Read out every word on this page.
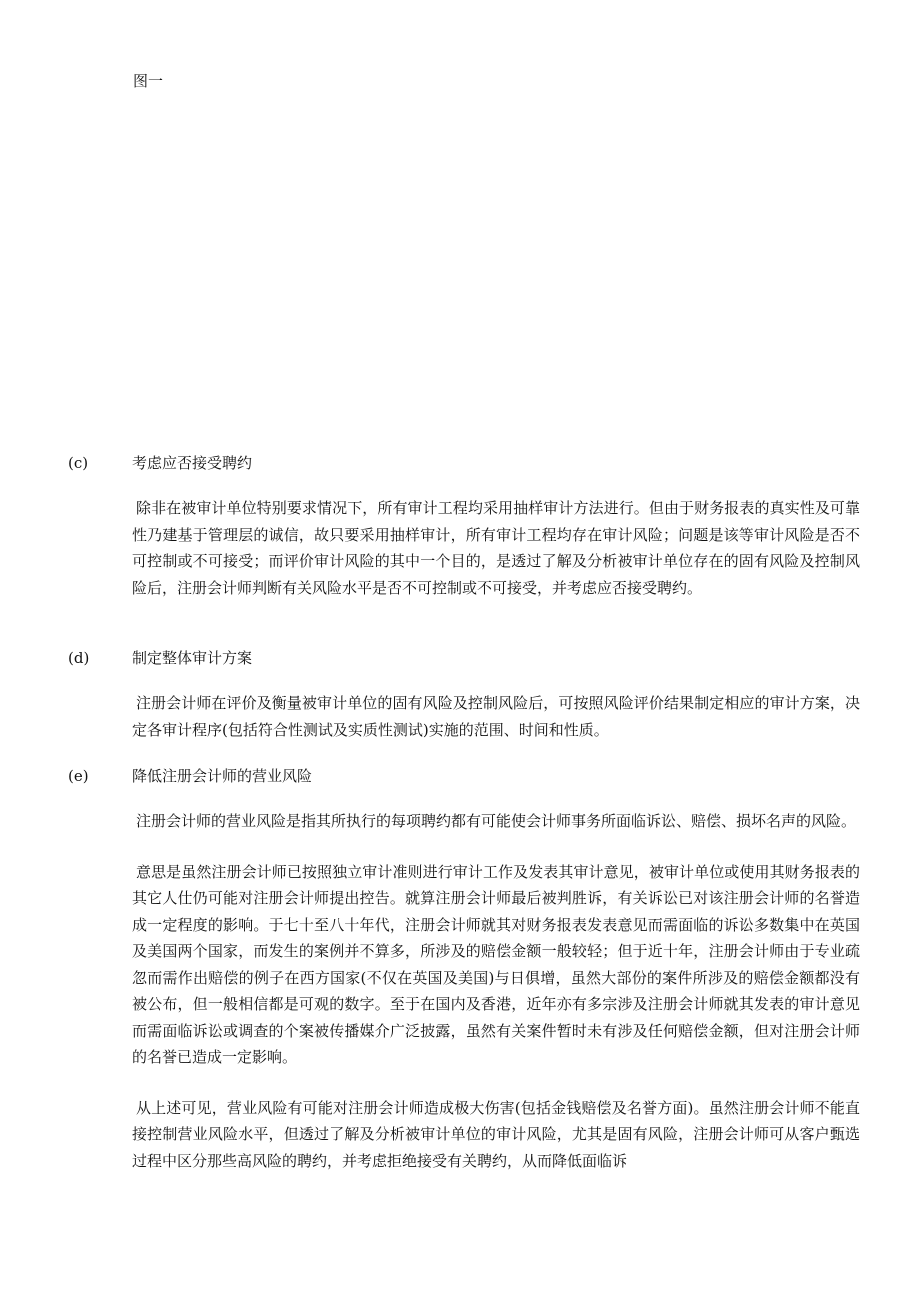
图一
(c)	考虑应否接受聘约

除非在被审计单位特别要求情况下，所有审计工程均采用抽样审计方法进行。但由于财务报表的真实性及可靠性乃建基于管理层的诚信，故只要采用抽样审计，所有审计工程均存在审计风险；问题是该等审计风险是否不可控制或不可接受；而评价审计风险的其中一个目的，是透过了解及分析被审计单位存在的固有风险及控制风险后，注册会计师判断有关风险水平是否不可控制或不可接受，并考虑应否接受聘约。

(d)	制定整体审计方案

注册会计师在评价及衡量被审计单位的固有风险及控制风险后，可按照风险评价结果制定相应的审计方案，决定各审计程序(包括符合性测试及实质性测试)实施的范围、时间和性质。

(e)	降低注册会计师的营业风险

注册会计师的营业风险是指其所执行的每项聘约都有可能使会计师事务所面临诉讼、赔偿、损坏名声的风险。

意思是虽然注册会计师已按照独立审计准则进行审计工作及发表其审计意见，被审计单位或使用其财务报表的其它人仕仍可能对注册会计师提出控告。就算注册会计师最后被判胜诉，有关诉讼已对该注册会计师的名誉造成一定程度的影响。于七十至八十年代，注册会计师就其对财务报表发表意见而需面临的诉讼多数集中在英国及美国两个国家，而发生的案例并不算多，所涉及的赔偿金额一般较轻；但于近十年，注册会计师由于专业疏忽而需作出赔偿的例子在西方国家(不仅在英国及美国)与日俱增，虽然大部份的案件所涉及的赔偿金额都没有被公布，但一般相信都是可观的数字。至于在国内及香港，近年亦有多宗涉及注册会计师就其发表的审计意见而需面临诉讼或调查的个案被传播媒介广泛披露，虽然有关案件暂时未有涉及任何赔偿金额，但对注册会计师的名誉已造成一定影响。

从上述可见，营业风险有可能对注册会计师造成极大伤害(包括金钱赔偿及名誉方面)。虽然注册会计师不能直接控制营业风险水平，但透过了解及分析被审计单位的审计风险，尤其是固有风险，注册会计师可从客户甄选过程中区分那些高风险的聘约，并考虑拒绝接受有关聘约，从而降低面临诉
